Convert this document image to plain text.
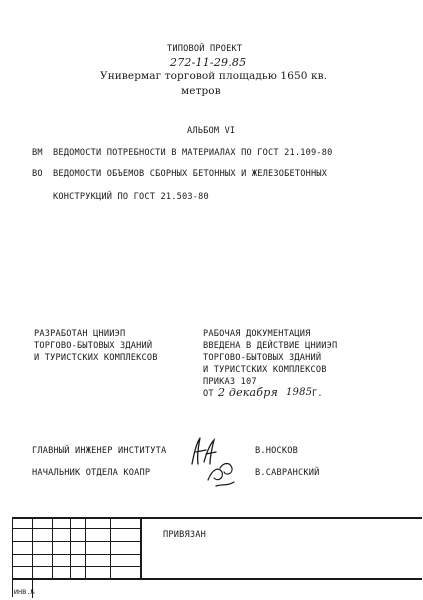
ТИПОВОЙ ПРОЕКТ
272-11-29.85
Универмаг торговой площадью 1650 кв.
метров
АЛЬБОМ VI
ВМ ВЕДОМОСТИ ПОТРЕБНОСТИ В МАТЕРИАЛАХ ПО ГОСТ 21.109-80
ВО ВЕДОМОСТИ ОБЪЕМОВ СБОРНЫХ БЕТОННЫХ И ЖЕЛЕЗОБЕТОННЫХ
КОНСТРУКЦИЙ ПО ГОСТ 21.503-80
РАЗРАБОТАН ЦНИИЭП
ТОРГОВО-БЫТОВЫХ ЗДАНИЙ
И ТУРИСТСКИХ КОМПЛЕКСОВ
РАБОЧАЯ ДОКУМЕНТАЦИЯ
ВВЕДЕНА В ДЕЙСТВИЕ ЦНИИЭП
ТОРГОВО-БЫТОВЫХ ЗДАНИЙ
И ТУРИСТСКИХ КОМПЛЕКСОВ
ПРИКАЗ 107
ОТ 2 декабря 1985 Г.
ГЛАВНЫЙ ИНЖЕНЕР ИНСТИТУТА	В.НОСКОВ
НАЧАЛЬНИК ОТДЕЛА КОАПР	В.САВРАНСКИЙ
ПРИВЯЗАН
ИНВ.№
